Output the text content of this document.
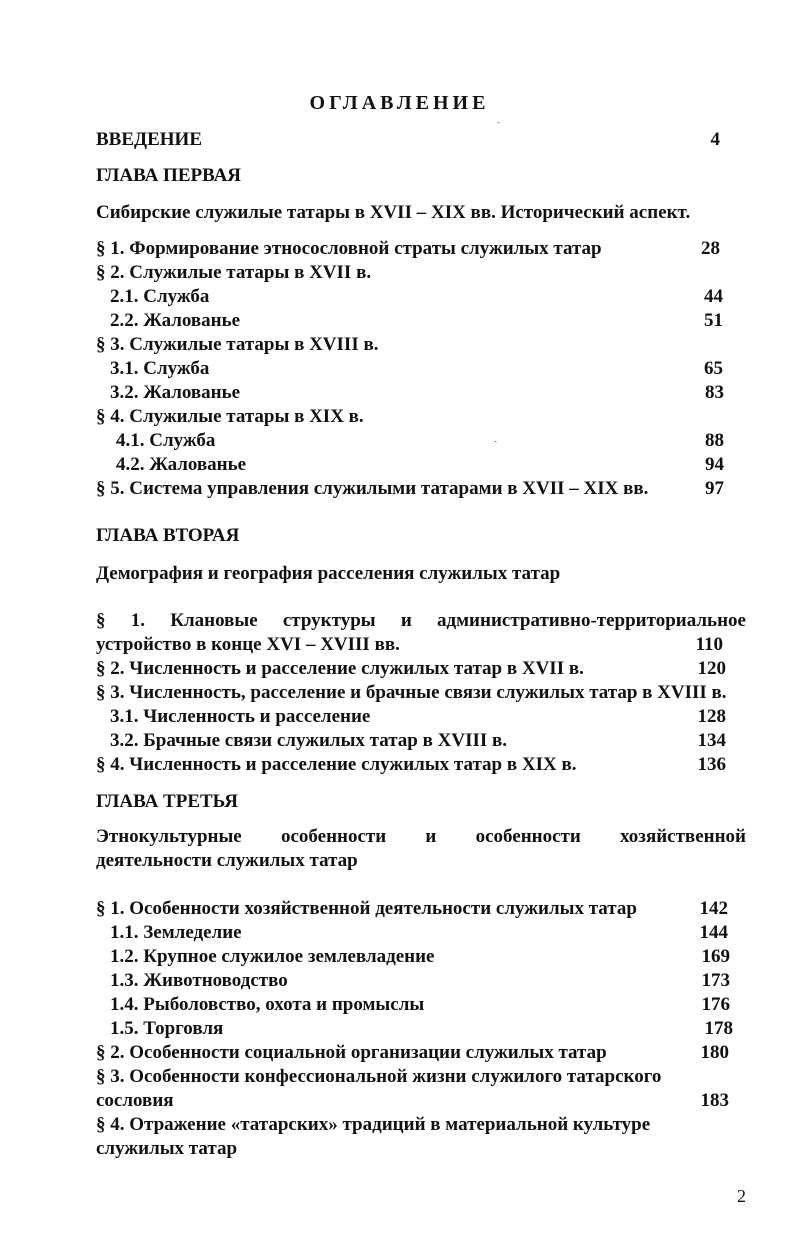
ОГЛАВЛЕНИЕ
ВВЕДЕНИЕ	4
ГЛАВА ПЕРВАЯ
Сибирские служилые татары в XVII – XIX вв. Исторический аспект.
§ 1. Формирование этносословной страты служилых татар	28
§ 2. Служилые татары в XVII в.
2.1. Служба	44
2.2. Жалованье	51
§ 3. Служилые татары в XVIII в.
3.1. Служба	65
3.2. Жалованье	83
§ 4. Служилые татары в XIX в.
4.1. Служба	88
4.2. Жалованье	94
§ 5. Система управления служилыми татарами в XVII – XIX вв.	97
ГЛАВА ВТОРАЯ
Демография и география расселения служилых татар
§ 1. Клановые структуры и административно-территориальное
устройство в конце XVI – XVIII вв.	110
§ 2. Численность и расселение служилых татар в XVII в.	120
§ 3. Численность, расселение и брачные связи служилых татар в XVIII в.
3.1. Численность и расселение	128
3.2. Брачные связи служилых татар в XVIII в.	134
§ 4. Численность и расселение служилых татар в XIX в.	136
ГЛАВА ТРЕТЬЯ
Этнокультурные особенности и особенности хозяйственной
деятельности служилых татар
§ 1. Особенности хозяйственной деятельности служилых татар	142
1.1. Земледелие	144
1.2. Крупное служилое землевладение	169
1.3. Животноводство	173
1.4. Рыболовство, охота и промыслы	176
1.5. Торговля	178
§ 2. Особенности социальной организации служилых татар	180
§ 3. Особенности конфессиональной жизни служилого татарского
сословия	183
§ 4. Отражение «татарских» традиций в материальной культуре
служилых татар
2
ˏ
ˏ
